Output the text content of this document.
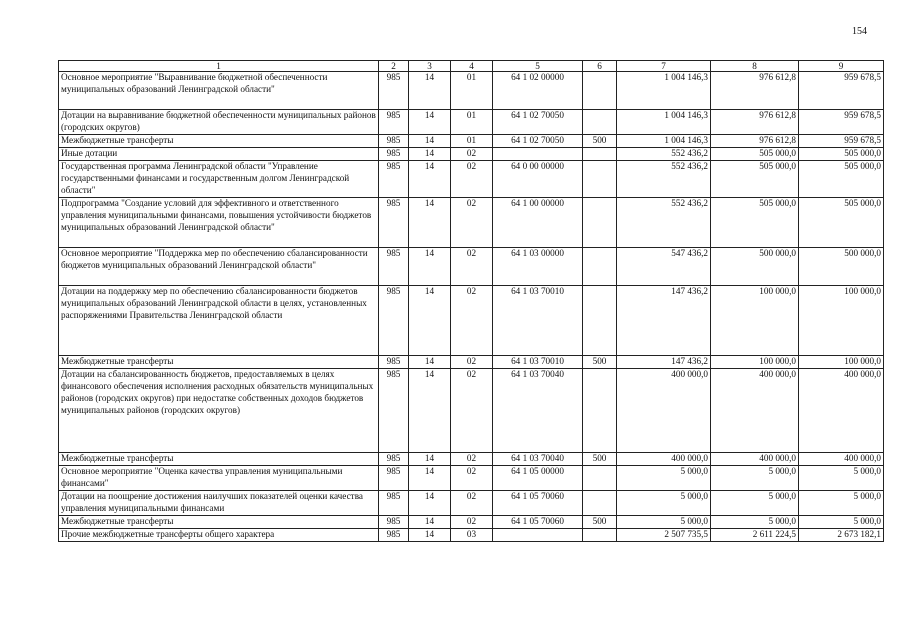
154
1	2	3	4	5	6	7	8	9
Основное мероприятие "Выравнивание бюджетной обеспеченности муниципальных образований Ленинградской области"	985	14	01	64 1 02 00000		1 004 146,3	976 612,8	959 678,5
Дотации на выравнивание бюджетной обеспеченности муниципальных районов (городских округов)	985	14	01	64 1 02 70050		1 004 146,3	976 612,8	959 678,5
Межбюджетные трансферты	985	14	01	64 1 02 70050	500	1 004 146,3	976 612,8	959 678,5
Иные дотации	985	14	02			552 436,2	505 000,0	505 000,0
Государственная программа Ленинградской области "Управление государственными финансами и государственным долгом Ленинградской области"	985	14	02	64 0 00 00000		552 436,2	505 000,0	505 000,0
Подпрограмма "Создание условий для эффективного и ответственного управления муниципальными финансами, повышения устойчивости бюджетов муниципальных образований Ленинградской области"	985	14	02	64 1 00 00000		552 436,2	505 000,0	505 000,0
Основное мероприятие "Поддержка мер по обеспечению сбалансированности бюджетов муниципальных образований Ленинградской области"	985	14	02	64 1 03 00000		547 436,2	500 000,0	500 000,0
Дотации на поддержку мер по обеспечению сбалансированности бюджетов муниципальных образований Ленинградской области в целях, установленных распоряжениями Правительства Ленинградской области	985	14	02	64 1 03 70010		147 436,2	100 000,0	100 000,0
Межбюджетные трансферты	985	14	02	64 1 03 70010	500	147 436,2	100 000,0	100 000,0
Дотации на сбалансированность бюджетов, предоставляемых в целях финансового обеспечения исполнения расходных обязательств муниципальных районов (городских округов) при недостатке собственных доходов бюджетов муниципальных районов (городских округов)	985	14	02	64 1 03 70040		400 000,0	400 000,0	400 000,0
Межбюджетные трансферты	985	14	02	64 1 03 70040	500	400 000,0	400 000,0	400 000,0
Основное мероприятие "Оценка качества управления муниципальными финансами"	985	14	02	64 1 05 00000		5 000,0	5 000,0	5 000,0
Дотации на поощрение достижения наилучших показателей оценки качества управления муниципальными финансами	985	14	02	64 1 05 70060		5 000,0	5 000,0	5 000,0
Межбюджетные трансферты	985	14	02	64 1 05 70060	500	5 000,0	5 000,0	5 000,0
Прочие межбюджетные трансферты общего характера	985	14	03			2 507 735,5	2 611 224,5	2 673 182,1
